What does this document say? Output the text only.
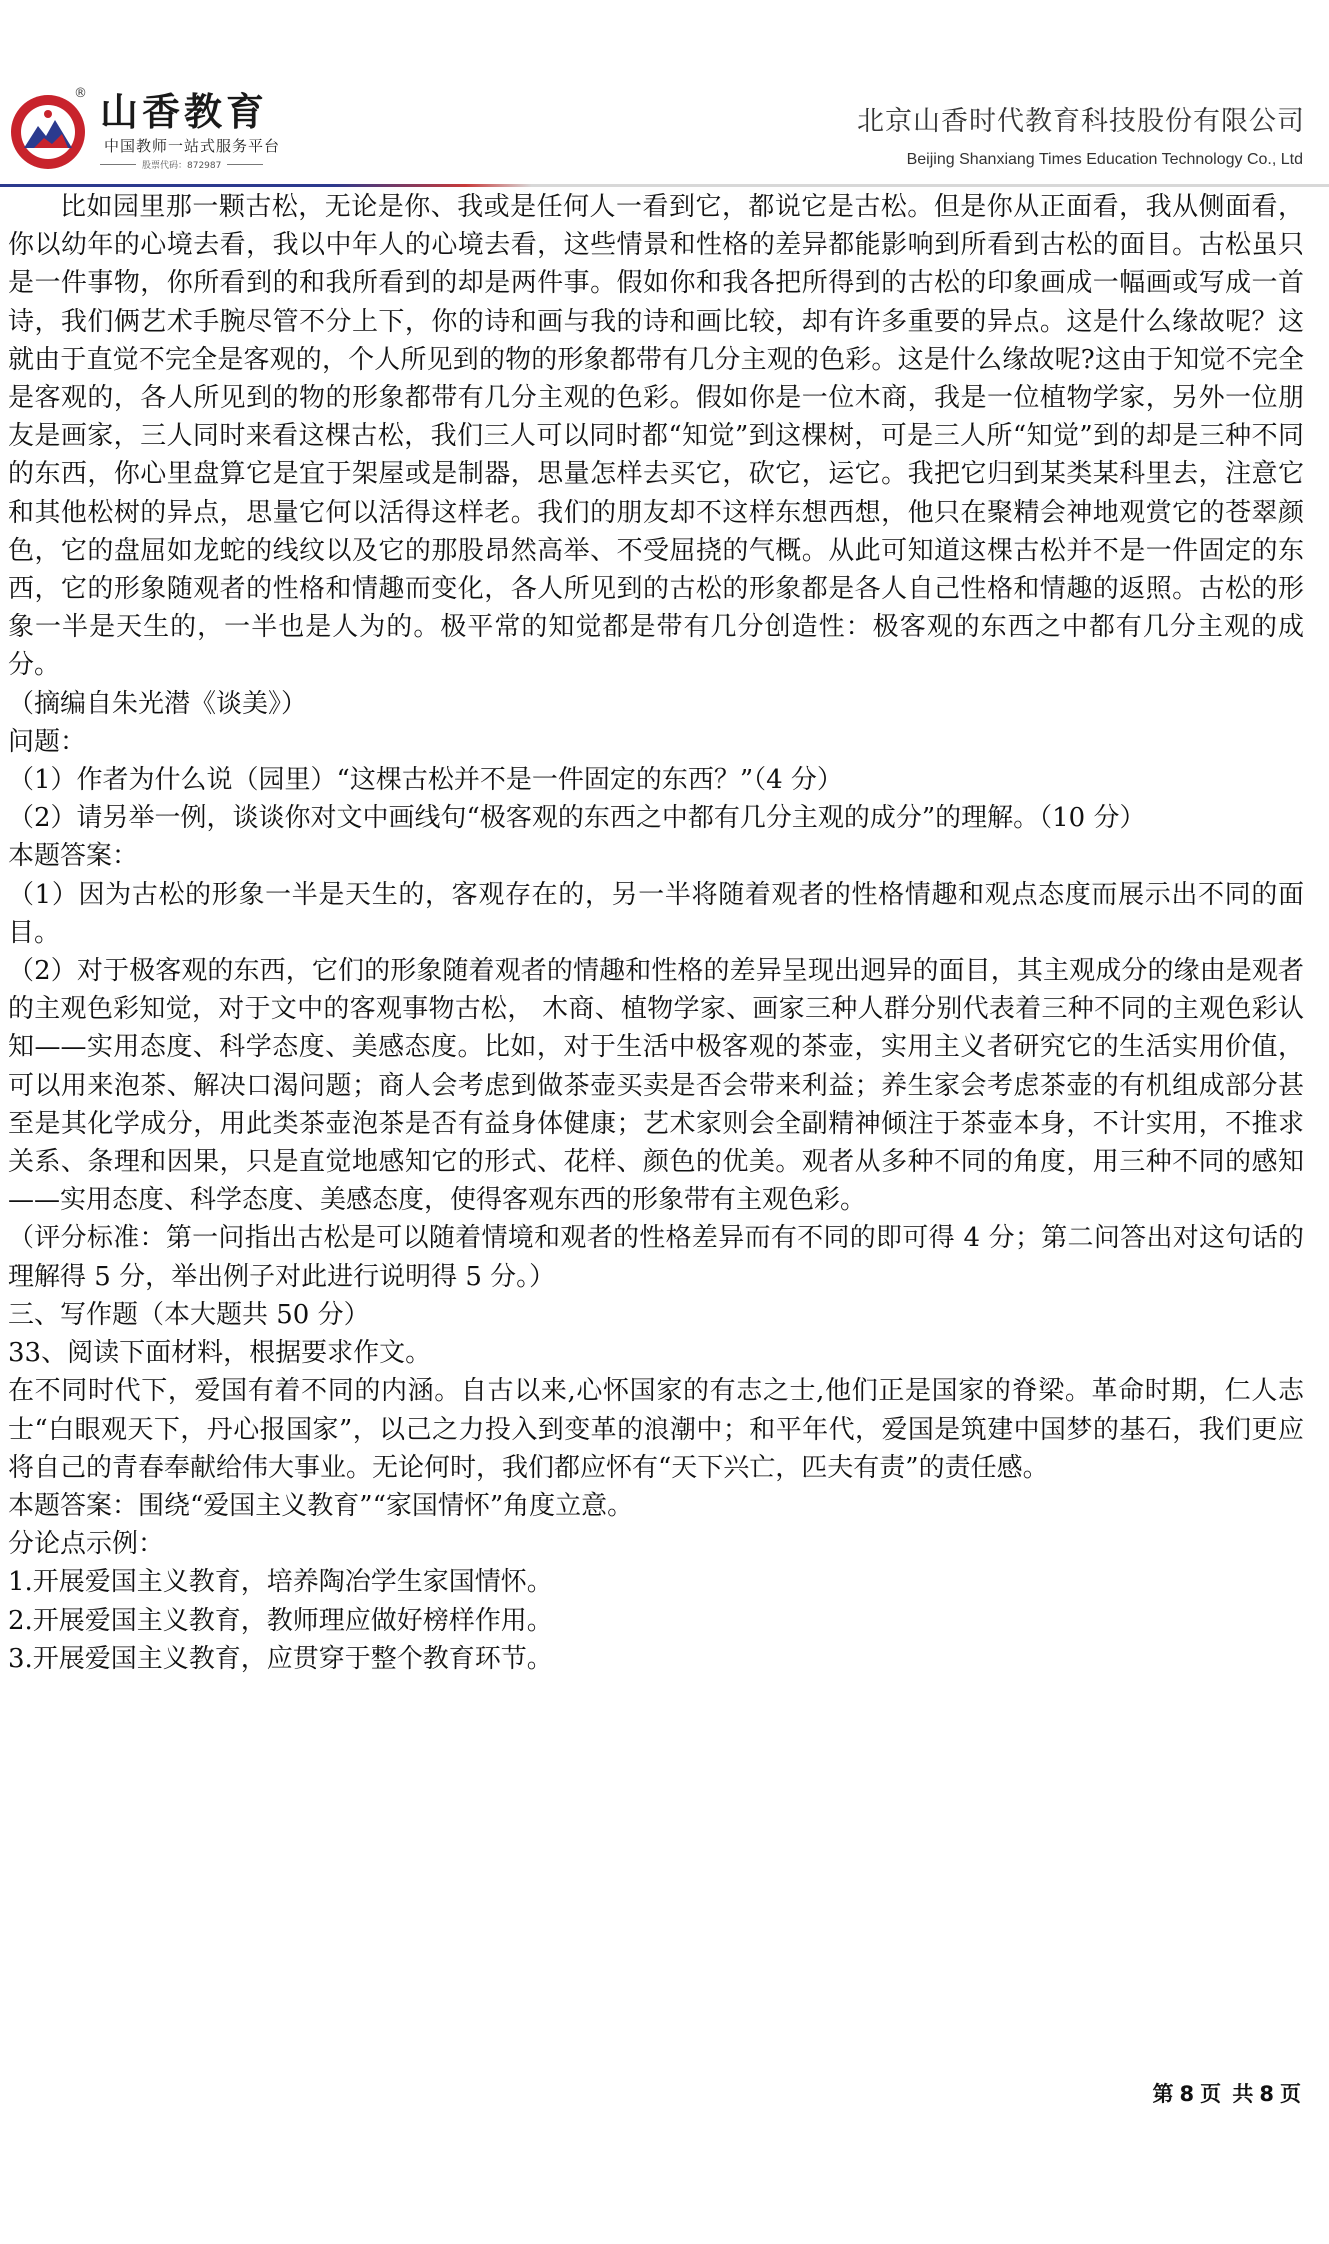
® 山香教育
中国教师一站式服务平台
股票代码：872987
北京山香时代教育科技股份有限公司
Beijing Shanxiang Times Education Technology Co., Ltd

比如园里那一颗古松，无论是你、我或是任何人一看到它，都说它是古松。但是你从正面看，我从侧面看，你以幼年的心境去看，我以中年人的心境去看，这些情景和性格的差异都能影响到所看到古松的面目。古松虽只是一件事物，你所看到的和我所看到的却是两件事。假如你和我各把所得到的古松的印象画成一幅画或写成一首诗，我们俩艺术手腕尽管不分上下，你的诗和画与我的诗和画比较，却有许多重要的异点。这是什么缘故呢？这就由于直觉不完全是客观的，个人所见到的物的形象都带有几分主观的色彩。这是什么缘故呢?这由于知觉不完全是客观的，各人所见到的物的形象都带有几分主观的色彩。假如你是一位木商，我是一位植物学家，另外一位朋友是画家，三人同时来看这棵古松，我们三人可以同时都“知觉”到这棵树，可是三人所“知觉”到的却是三种不同的东西，你心里盘算它是宜于架屋或是制器，思量怎样去买它，砍它，运它。我把它归到某类某科里去，注意它和其他松树的异点，思量它何以活得这样老。我们的朋友却不这样东想西想，他只在聚精会神地观赏它的苍翠颜色，它的盘屈如龙蛇的线纹以及它的那股昂然高举、不受屈挠的气概。从此可知道这棵古松并不是一件固定的东西，它的形象随观者的性格和情趣而变化，各人所见到的古松的形象都是各人自己性格和情趣的返照。古松的形象一半是天生的，一半也是人为的。极平常的知觉都是带有几分创造性：极客观的东西之中都有几分主观的成分。

（摘编自朱光潜《谈美》）

问题：

（1）作者为什么说（园里）“这棵古松并不是一件固定的东西？”（4 分）

（2）请另举一例，谈谈你对文中画线句“极客观的东西之中都有几分主观的成分”的理解。（10 分）

本题答案：

（1）因为古松的形象一半是天生的，客观存在的，另一半将随着观者的性格情趣和观点态度而展示出不同的面目。

（2）对于极客观的东西，它们的形象随着观者的情趣和性格的差异呈现出迥异的面目，其主观成分的缘由是观者的主观色彩知觉，对于文中的客观事物古松， 木商、植物学家、画家三种人群分别代表着三种不同的主观色彩认知——实用态度、科学态度、美感态度。比如，对于生活中极客观的茶壶，实用主义者研究它的生活实用价值，可以用来泡茶、解决口渴问题；商人会考虑到做茶壶买卖是否会带来利益；养生家会考虑茶壶的有机组成部分甚至是其化学成分，用此类茶壶泡茶是否有益身体健康；艺术家则会全副精神倾注于茶壶本身，不计实用，不推求关系、条理和因果，只是直觉地感知它的形式、花样、颜色的优美。观者从多种不同的角度，用三种不同的感知——实用态度、科学态度、美感态度，使得客观东西的形象带有主观色彩。

（评分标准：第一问指出古松是可以随着情境和观者的性格差异而有不同的即可得 4 分；第二问答出对这句话的理解得 5 分，举出例子对此进行说明得 5 分。）

三、写作题（本大题共 50 分）

33、阅读下面材料，根据要求作文。

在不同时代下，爱国有着不同的内涵。自古以来,心怀国家的有志之士,他们正是国家的脊梁。革命时期，仁人志士“白眼观天下，丹心报国家”，以己之力投入到变革的浪潮中；和平年代，爱国是筑建中国梦的基石，我们更应将自己的青春奉献给伟大事业。无论何时，我们都应怀有“天下兴亡，匹夫有责”的责任感。

本题答案：围绕“爱国主义教育”“家国情怀”角度立意。

分论点示例：

1.开展爱国主义教育，培养陶冶学生家国情怀。

2.开展爱国主义教育，教师理应做好榜样作用。

3.开展爱国主义教育，应贯穿于整个教育环节。

第 8 页 共 8 页
